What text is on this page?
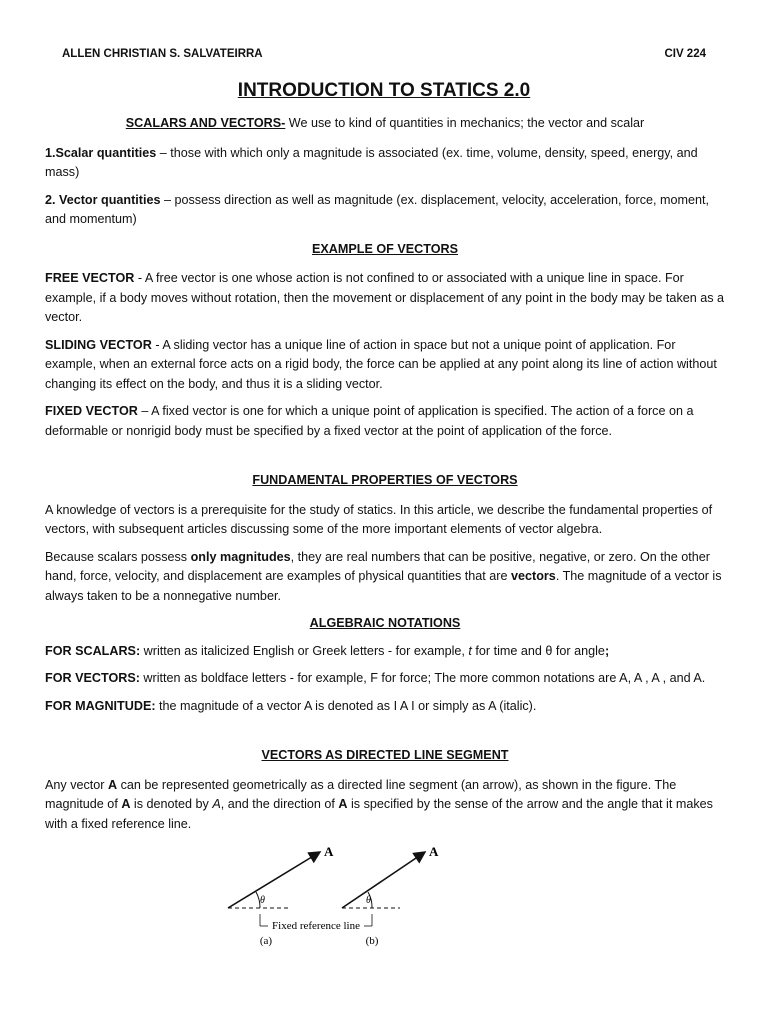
ALLEN CHRISTIAN S. SALVATEIRRA	CIV 224
INTRODUCTION TO STATICS 2.0

SCALARS AND VECTORS- We use to kind of quantities in mechanics; the vector and scalar

1.Scalar quantities – those with which only a magnitude is associated (ex. time, volume, density, speed, energy, and mass)

2. Vector quantities – possess direction as well as magnitude (ex. displacement, velocity, acceleration, force, moment, and momentum)

EXAMPLE OF VECTORS

FREE VECTOR - A free vector is one whose action is not confined to or associated with a unique line in space. For example, if a body moves without rotation, then the movement or displacement of any point in the body may be taken as a vector.

SLIDING VECTOR - A sliding vector has a unique line of action in space but not a unique point of application. For example, when an external force acts on a rigid body, the force can be applied at any point along its line of action without changing its effect on the body, and thus it is a sliding vector.

FIXED VECTOR – A fixed vector is one for which a unique point of application is specified. The action of a force on a deformable or nonrigid body must be specified by a fixed vector at the point of application of the force.

FUNDAMENTAL PROPERTIES OF VECTORS

A knowledge of vectors is a prerequisite for the study of statics. In this article, we describe the fundamental properties of vectors, with subsequent articles discussing some of the more important elements of vector algebra.

Because scalars possess only magnitudes, they are real numbers that can be positive, negative, or zero. On the other hand, force, velocity, and displacement are examples of physical quantities that are vectors. The magnitude of a vector is always taken to be a nonnegative number.

ALGEBRAIC NOTATIONS

FOR SCALARS: written as italicized English or Greek letters - for example, t for time and θ for angle;

FOR VECTORS: written as boldface letters - for example, F for force; The more common notations are A, A , A , and A.

FOR MAGNITUDE: the magnitude of a vector A is denoted as I A I or simply as A (italic).

VECTORS AS DIRECTED LINE SEGMENT

Any vector A can be represented geometrically as a directed line segment (an arrow), as shown in the figure. The magnitude of A is denoted by A, and the direction of A is specified by the sense of the arrow and the angle that it makes with a fixed reference line.

A
θ
A
θ
Fixed reference line
(a)	(b)
